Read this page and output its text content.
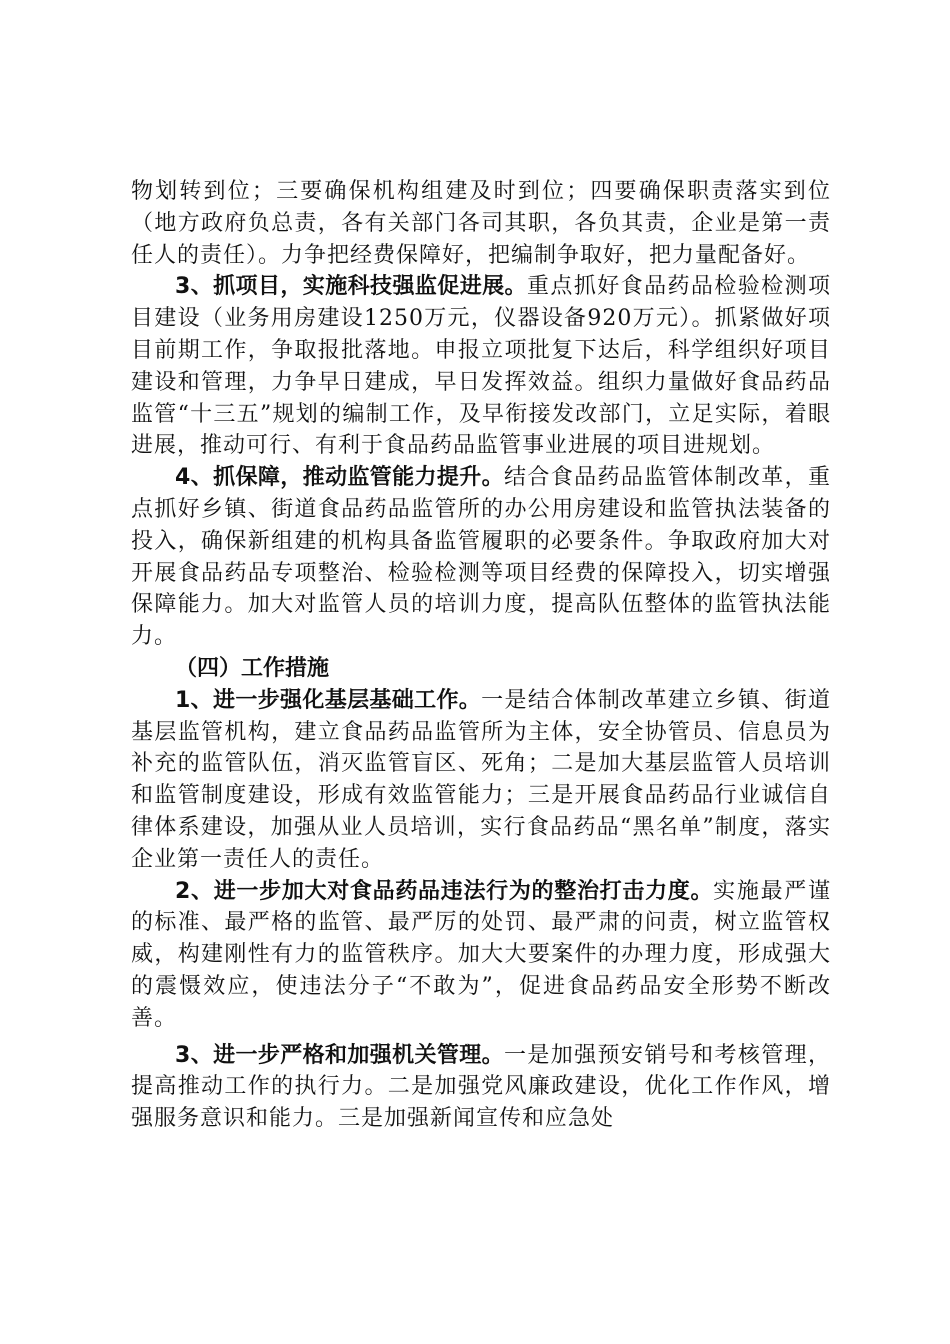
物划转到位；三要确保机构组建及时到位；四要确保职责落实到位（地方政府负总责，各有关部门各司其职，各负其责，企业是第一责任人的责任）。力争把经费保障好，把编制争取好，把力量配备好。

3、抓项目，实施科技强监促进展。重点抓好食品药品检验检测项目建设（业务用房建设1250万元，仪器设备920万元）。抓紧做好项目前期工作，争取报批落地。申报立项批复下达后，科学组织好项目建设和管理，力争早日建成，早日发挥效益。组织力量做好食品药品监管“十三五”规划的编制工作，及早衔接发改部门，立足实际，着眼进展，推动可行、有利于食品药品监管事业进展的项目进规划。

4、抓保障，推动监管能力提升。结合食品药品监管体制改革，重点抓好乡镇、街道食品药品监管所的办公用房建设和监管执法装备的投入，确保新组建的机构具备监管履职的必要条件。争取政府加大对开展食品药品专项整治、检验检测等项目经费的保障投入，切实增强保障能力。加大对监管人员的培训力度，提高队伍整体的监管执法能力。

（四）工作措施

1、进一步强化基层基础工作。一是结合体制改革建立乡镇、街道基层监管机构，建立食品药品监管所为主体，安全协管员、信息员为补充的监管队伍，消灭监管盲区、死角；二是加大基层监管人员培训和监管制度建设，形成有效监管能力；三是开展食品药品行业诚信自律体系建设，加强从业人员培训，实行食品药品“黑名单”制度，落实企业第一责任人的责任。

2、进一步加大对食品药品违法行为的整治打击力度。实施最严谨的标准、最严格的监管、最严厉的处罚、最严肃的问责，树立监管权威，构建刚性有力的监管秩序。加大大要案件的办理力度，形成强大的震慑效应，使违法分子“不敢为”，促进食品药品安全形势不断改善。

3、进一步严格和加强机关管理。一是加强预安销号和考核管理，提高推动工作的执行力。二是加强党风廉政建设，优化工作作风，增强服务意识和能力。三是加强新闻宣传和应急处
